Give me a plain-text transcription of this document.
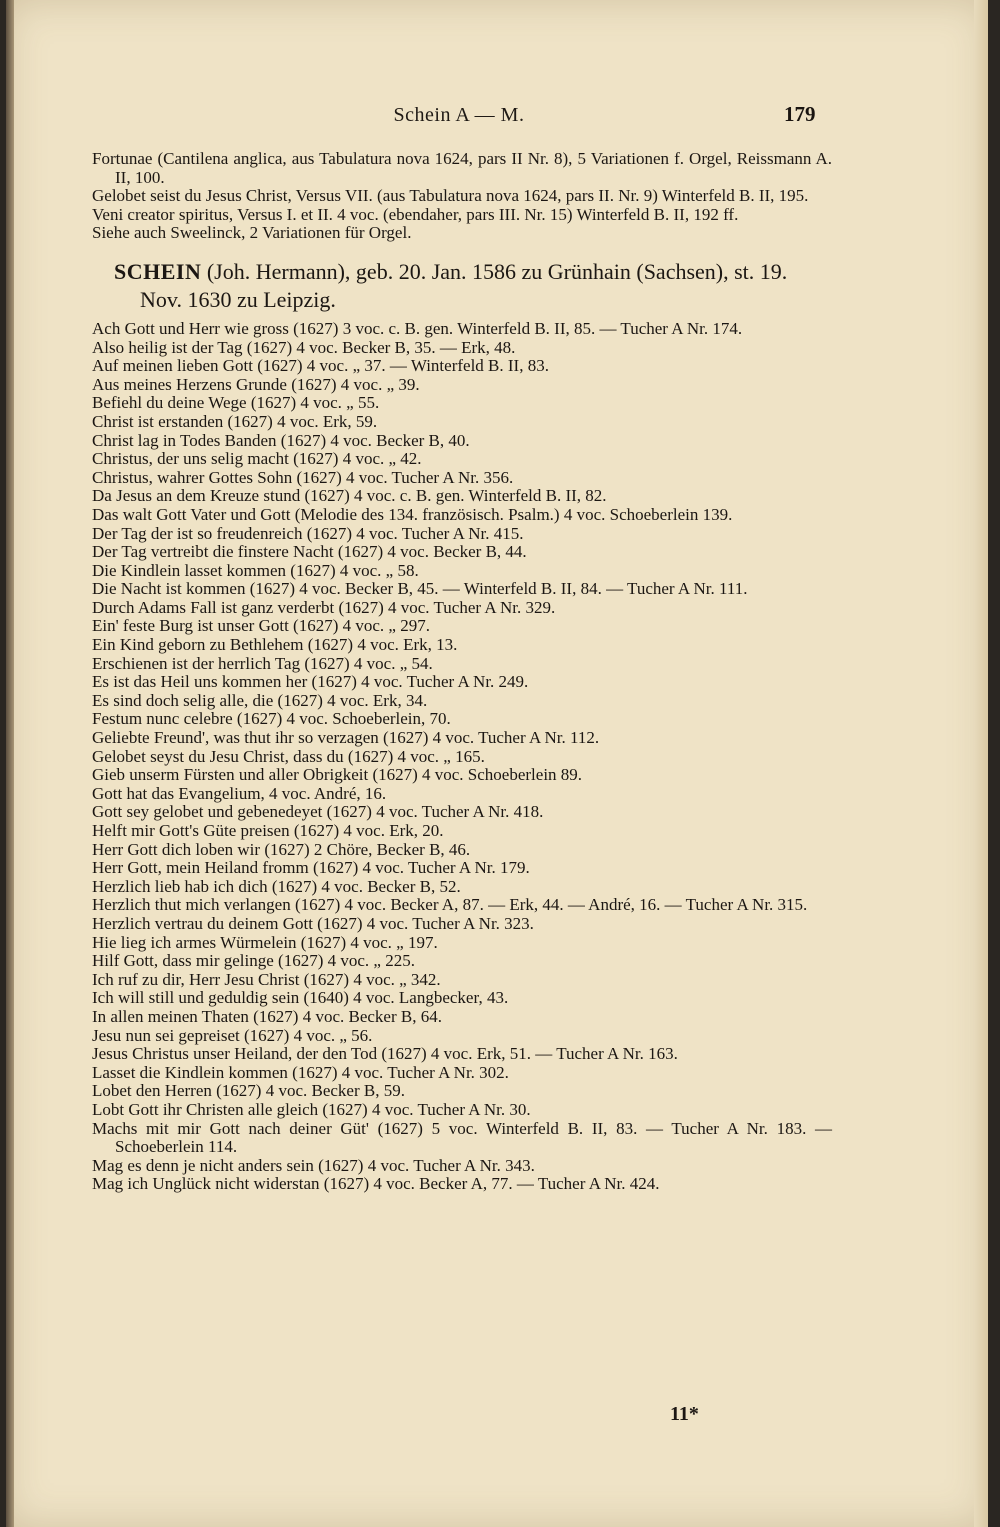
Schein A — M.	179

Fortunae (Cantilena anglica, aus Tabulatura nova 1624, pars II Nr. 8), 5 Variationen f. Orgel, Reissmann A. II, 100.

Gelobet seist du Jesus Christ, Versus VII. (aus Tabulatura nova 1624, pars II. Nr. 9) Winterfeld B. II, 195.

Veni creator spiritus, Versus I. et II. 4 voc. (ebendaher, pars III. Nr. 15) Winterfeld B. II, 192 ff.

Siehe auch Sweelinck, 2 Variationen für Orgel.

SCHEIN (Joh. Hermann), geb. 20. Jan. 1586 zu Grünhain (Sachsen), st. 19. Nov. 1630 zu Leipzig.

Ach Gott und Herr wie gross (1627) 3 voc. c. B. gen. Winterfeld B. II, 85. — Tucher A Nr. 174.

Also heilig ist der Tag (1627) 4 voc. Becker B, 35. — Erk, 48.

Auf meinen lieben Gott (1627) 4 voc. „ 37. — Winterfeld B. II, 83.

Aus meines Herzens Grunde (1627) 4 voc. „ 39.

Befiehl du deine Wege (1627) 4 voc. „ 55.

Christ ist erstanden (1627) 4 voc. Erk, 59.

Christ lag in Todes Banden (1627) 4 voc. Becker B, 40.

Christus, der uns selig macht (1627) 4 voc. „ 42.

Christus, wahrer Gottes Sohn (1627) 4 voc. Tucher A Nr. 356.

Da Jesus an dem Kreuze stund (1627) 4 voc. c. B. gen. Winterfeld B. II, 82.

Das walt Gott Vater und Gott (Melodie des 134. französisch. Psalm.) 4 voc. Schoeberlein 139.

Der Tag der ist so freudenreich (1627) 4 voc. Tucher A Nr. 415.

Der Tag vertreibt die finstere Nacht (1627) 4 voc. Becker B, 44.

Die Kindlein lasset kommen (1627) 4 voc. „ 58.

Die Nacht ist kommen (1627) 4 voc. Becker B, 45. — Winterfeld B. II, 84. — Tucher A Nr. 111.

Durch Adams Fall ist ganz verderbt (1627) 4 voc. Tucher A Nr. 329.

Ein' feste Burg ist unser Gott (1627) 4 voc. „ 297.

Ein Kind geborn zu Bethlehem (1627) 4 voc. Erk, 13.

Erschienen ist der herrlich Tag (1627) 4 voc. „ 54.

Es ist das Heil uns kommen her (1627) 4 voc. Tucher A Nr. 249.

Es sind doch selig alle, die (1627) 4 voc. Erk, 34.

Festum nunc celebre (1627) 4 voc. Schoeberlein, 70.

Geliebte Freund', was thut ihr so verzagen (1627) 4 voc. Tucher A Nr. 112.

Gelobet seyst du Jesu Christ, dass du (1627) 4 voc. „ 165.

Gieb unserm Fürsten und aller Obrigkeit (1627) 4 voc. Schoeberlein 89.

Gott hat das Evangelium, 4 voc. André, 16.

Gott sey gelobet und gebenedeyet (1627) 4 voc. Tucher A Nr. 418.

Helft mir Gott's Güte preisen (1627) 4 voc. Erk, 20.

Herr Gott dich loben wir (1627) 2 Chöre, Becker B, 46.

Herr Gott, mein Heiland fromm (1627) 4 voc. Tucher A Nr. 179.

Herzlich lieb hab ich dich (1627) 4 voc. Becker B, 52.

Herzlich thut mich verlangen (1627) 4 voc. Becker A, 87. — Erk, 44. — André, 16. — Tucher A Nr. 315.

Herzlich vertrau du deinem Gott (1627) 4 voc. Tucher A Nr. 323.

Hie lieg ich armes Würmelein (1627) 4 voc. „ 197.

Hilf Gott, dass mir gelinge (1627) 4 voc. „ 225.

Ich ruf zu dir, Herr Jesu Christ (1627) 4 voc. „ 342.

Ich will still und geduldig sein (1640) 4 voc. Langbecker, 43.

In allen meinen Thaten (1627) 4 voc. Becker B, 64.

Jesu nun sei gepreiset (1627) 4 voc. „ 56.

Jesus Christus unser Heiland, der den Tod (1627) 4 voc. Erk, 51. — Tucher A Nr. 163.

Lasset die Kindlein kommen (1627) 4 voc. Tucher A Nr. 302.

Lobet den Herren (1627) 4 voc. Becker B, 59.

Lobt Gott ihr Christen alle gleich (1627) 4 voc. Tucher A Nr. 30.

Machs mit mir Gott nach deiner Güt' (1627) 5 voc. Winterfeld B. II, 83. — Tucher A Nr. 183. — Schoeberlein 114.

Mag es denn je nicht anders sein (1627) 4 voc. Tucher A Nr. 343.

Mag ich Unglück nicht widerstan (1627) 4 voc. Becker A, 77. — Tucher A Nr. 424.

11*
